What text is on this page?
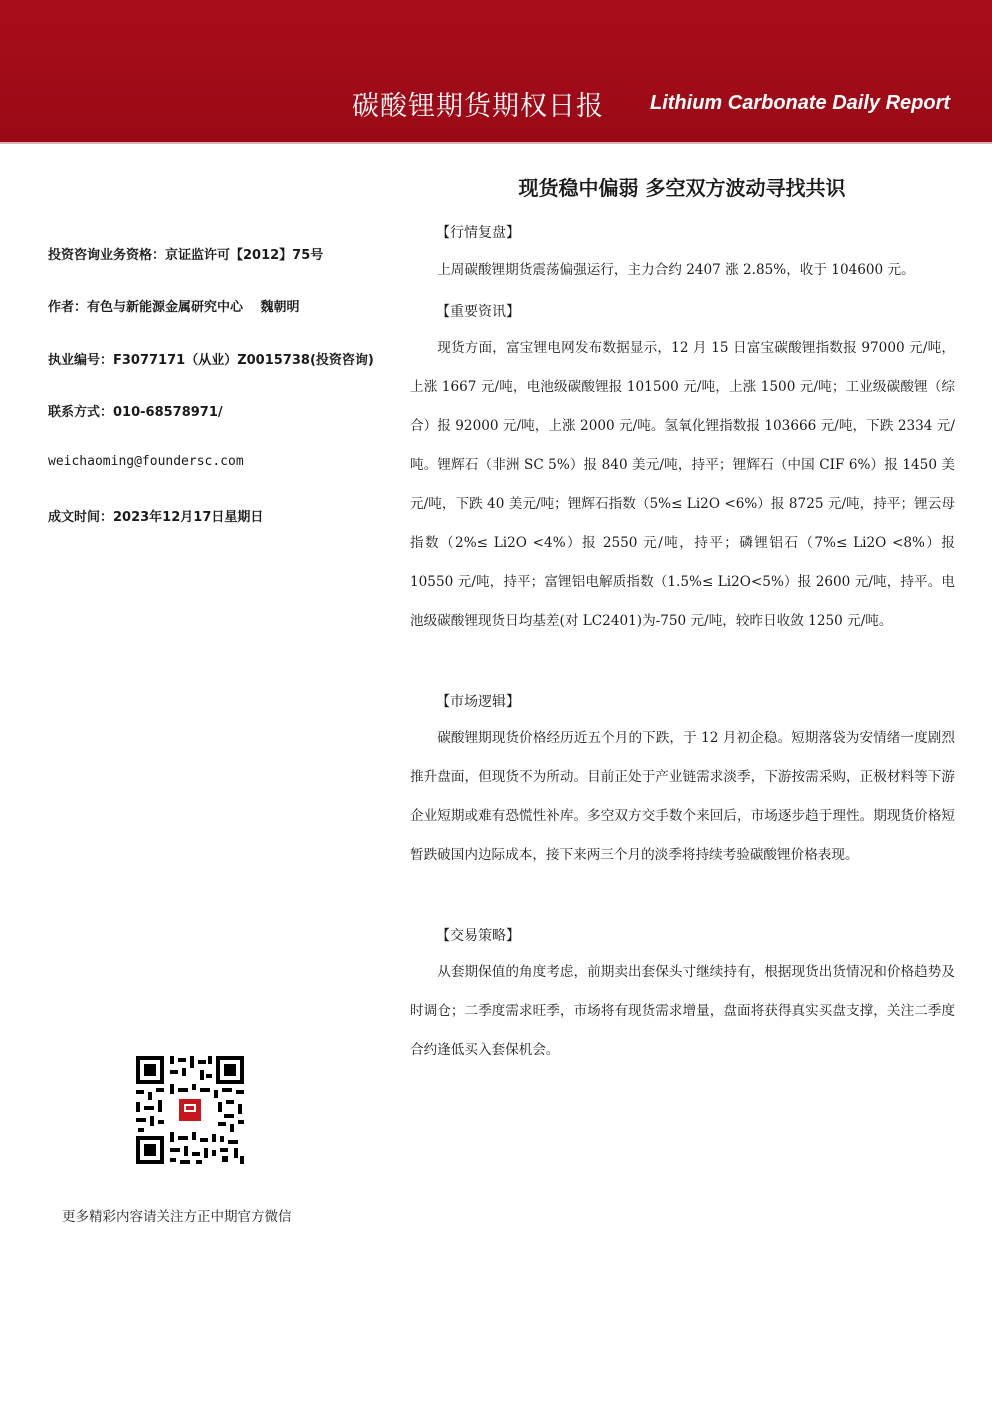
碳酸锂期货期权日报 Lithium Carbonate Daily Report
现货稳中偏弱 多空双方波动寻找共识
投资咨询业务资格：京证监许可【2012】75号
作者：有色与新能源金属研究中心　 魏朝明
执业编号：F3077171（从业）Z0015738(投资咨询)
联系方式：010-68578971/
weichaoming@foundersc.com
成文时间：2023年12月17日星期日
【行情复盘】
上周碳酸锂期货震荡偏强运行，主力合约 2407 涨 2.85%，收于 104600 元。
【重要资讯】
现货方面，富宝锂电网发布数据显示，12 月 15 日富宝碳酸锂指数报 97000 元/吨，上涨 1667 元/吨，电池级碳酸锂报 101500 元/吨，上涨 1500 元/吨；工业级碳酸锂（综合）报 92000 元/吨，上涨 2000 元/吨。氢氧化锂指数报 103666 元/吨，下跌 2334 元/吨。锂辉石（非洲 SC 5%）报 840 美元/吨，持平；锂辉石（中国 CIF 6%）报 1450 美元/吨，下跌 40 美元/吨；锂辉石指数（5%≤ Li2O <6%）报 8725 元/吨，持平；锂云母指数（2%≤ Li2O <4%）报 2550 元/吨，持平；磷锂铝石（7%≤ Li2O <8%）报 10550 元/吨，持平；富锂铝电解质指数（1.5%≤ Li2O<5%）报 2600 元/吨，持平。电池级碳酸锂现货日均基差(对 LC2401)为-750 元/吨，较昨日收敛 1250 元/吨。
【市场逻辑】
碳酸锂期现货价格经历近五个月的下跌，于 12 月初企稳。短期落袋为安情绪一度剧烈推升盘面，但现货不为所动。目前正处于产业链需求淡季，下游按需采购，正极材料等下游企业短期或难有恐慌性补库。多空双方交手数个来回后，市场逐步趋于理性。期现货价格短暂跌破国内边际成本，接下来两三个月的淡季将持续考验碳酸锂价格表现。
【交易策略】
从套期保值的角度考虑，前期卖出套保头寸继续持有，根据现货出货情况和价格趋势及时调仓；二季度需求旺季，市场将有现货需求增量，盘面将获得真实买盘支撑，关注二季度合约逢低买入套保机会。
更多精彩内容请关注方正中期官方微信
